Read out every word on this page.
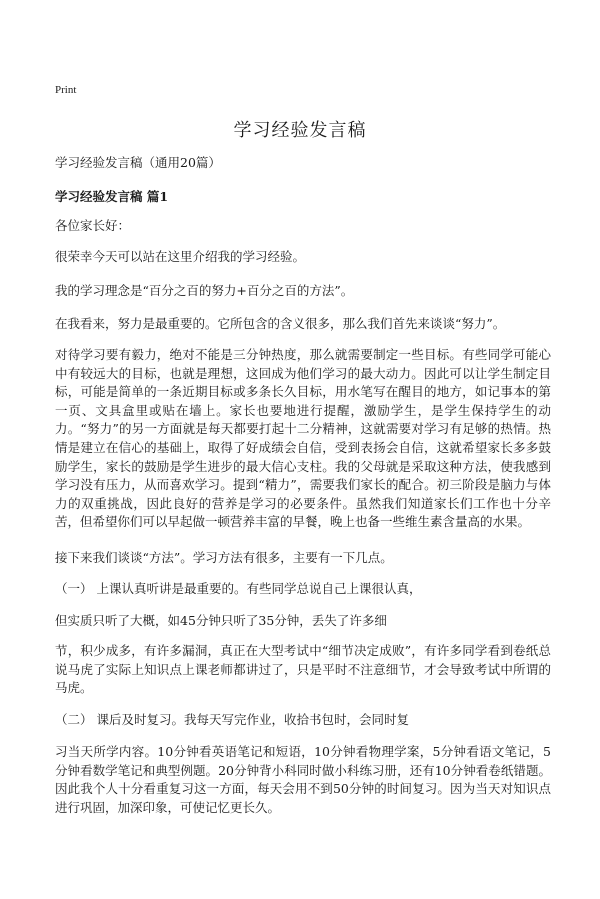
Print
学习经验发言稿
学习经验发言稿（通用20篇）
学习经验发言稿 篇1

各位家长好：

很荣幸今天可以站在这里介绍我的学习经验。

我的学习理念是“百分之百的努力+百分之百的方法”。

在我看来，努力是最重要的。它所包含的含义很多，那么我们首先来谈谈“努力”。

对待学习要有毅力，绝对不能是三分钟热度，那么就需要制定一些目标。有些同学可能心中有较远大的目标，也就是理想，这回成为他们学习的最大动力。因此可以让学生制定目标，可能是简单的一条近期目标或多条长久目标，用水笔写在醒目的地方，如记事本的第一页、文具盒里或贴在墙上。家长也要地进行提醒，激励学生，是学生保持学生的动力。“努力”的另一方面就是每天都要打起十二分精神，这就需要对学习有足够的热情。热情是建立在信心的基础上，取得了好成绩会自信，受到表扬会自信，这就希望家长多多鼓励学生，家长的鼓励是学生进步的最大信心支柱。我的父母就是采取这种方法，使我感到学习没有压力，从而喜欢学习。提到“精力”，需要我们家长的配合。初三阶段是脑力与体力的双重挑战，因此良好的营养是学习的必要条件。虽然我们知道家长们工作也十分辛苦，但希望你们可以早起做一顿营养丰富的早餐，晚上也备一些维生素含量高的水果。

接下来我们谈谈“方法”。学习方法有很多，主要有一下几点。

（一） 上课认真听讲是最重要的。有些同学总说自己上课很认真，

但实质只听了大概，如45分钟只听了35分钟，丢失了许多细

节，积少成多，有许多漏洞，真正在大型考试中“细节决定成败”，有许多同学看到卷纸总说马虎了实际上知识点上课老师都讲过了，只是平时不注意细节，才会导致考试中所谓的马虎。

（二） 课后及时复习。我每天写完作业，收拾书包时，会同时复

习当天所学内容。10分钟看英语笔记和短语，10分钟看物理学案，5分钟看语文笔记，5分钟看数学笔记和典型例题。20分钟背小科同时做小科练习册，还有10分钟看卷纸错题。因此我个人十分看重复习这一方面，每天会用不到50分钟的时间复习。因为当天对知识点进行巩固，加深印象，可使记忆更长久。
